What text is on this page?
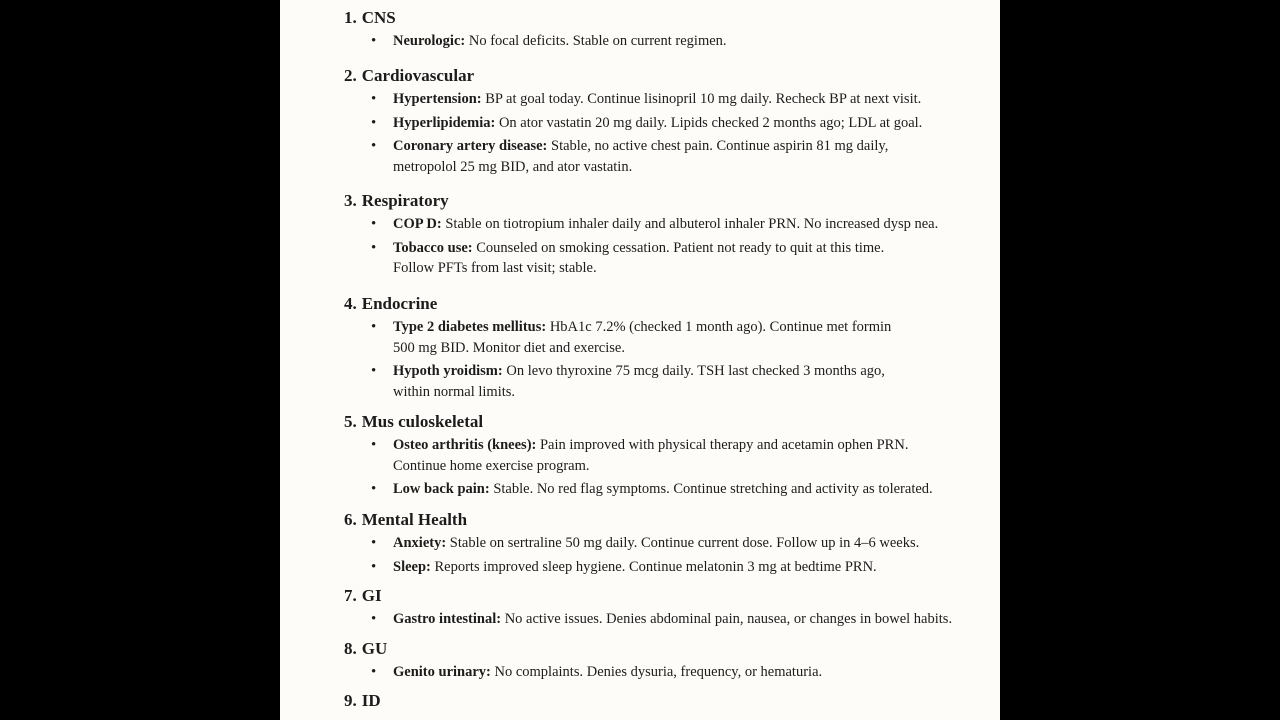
1. CNS
• Neurologic: No focal deficits. Stable on current regimen.
2. Cardiovascular
• Hypertension: BP at goal today. Continue lisinopril 10 mg daily. Recheck BP at next visit.
• Hyperlipidemia: On ator vastatin 20 mg daily. Lipids checked 2 months ago; LDL at goal.
• Coronary artery disease: Stable, no active chest pain. Continue aspirin 81 mg daily,
metropolol 25 mg BID, and ator vastatin.
3. Respiratory
• COP D: Stable on tiotropium inhaler daily and albuterol inhaler PRN. No increased dysp nea.
• Tobacco use: Counseled on smoking cessation. Patient not ready to quit at this time.
Follow PFTs from last visit; stable.
4. Endocrine
• Type 2 diabetes mellitus: HbA1c 7.2% (checked 1 month ago). Continue met formin
500 mg BID. Monitor diet and exercise.
• Hypoth yroidism: On levo thyroxine 75 mcg daily. TSH last checked 3 months ago,
within normal limits.
5. Mus culoskeletal
• Osteo arthritis (knees): Pain improved with physical therapy and acetamin ophen PRN.
Continue home exercise program.
• Low back pain: Stable. No red flag symptoms. Continue stretching and activity as tolerated.
6. Mental Health
• Anxiety: Stable on sertraline 50 mg daily. Continue current dose. Follow up in 4–6 weeks.
• Sleep: Reports improved sleep hygiene. Continue melatonin 3 mg at bedtime PRN.
7. GI
• Gastro intestinal: No active issues. Denies abdominal pain, nausea, or changes in bowel habits.
8. GU
• Genito urinary: No complaints. Denies dysuria, frequency, or hematuria.
9. ID
